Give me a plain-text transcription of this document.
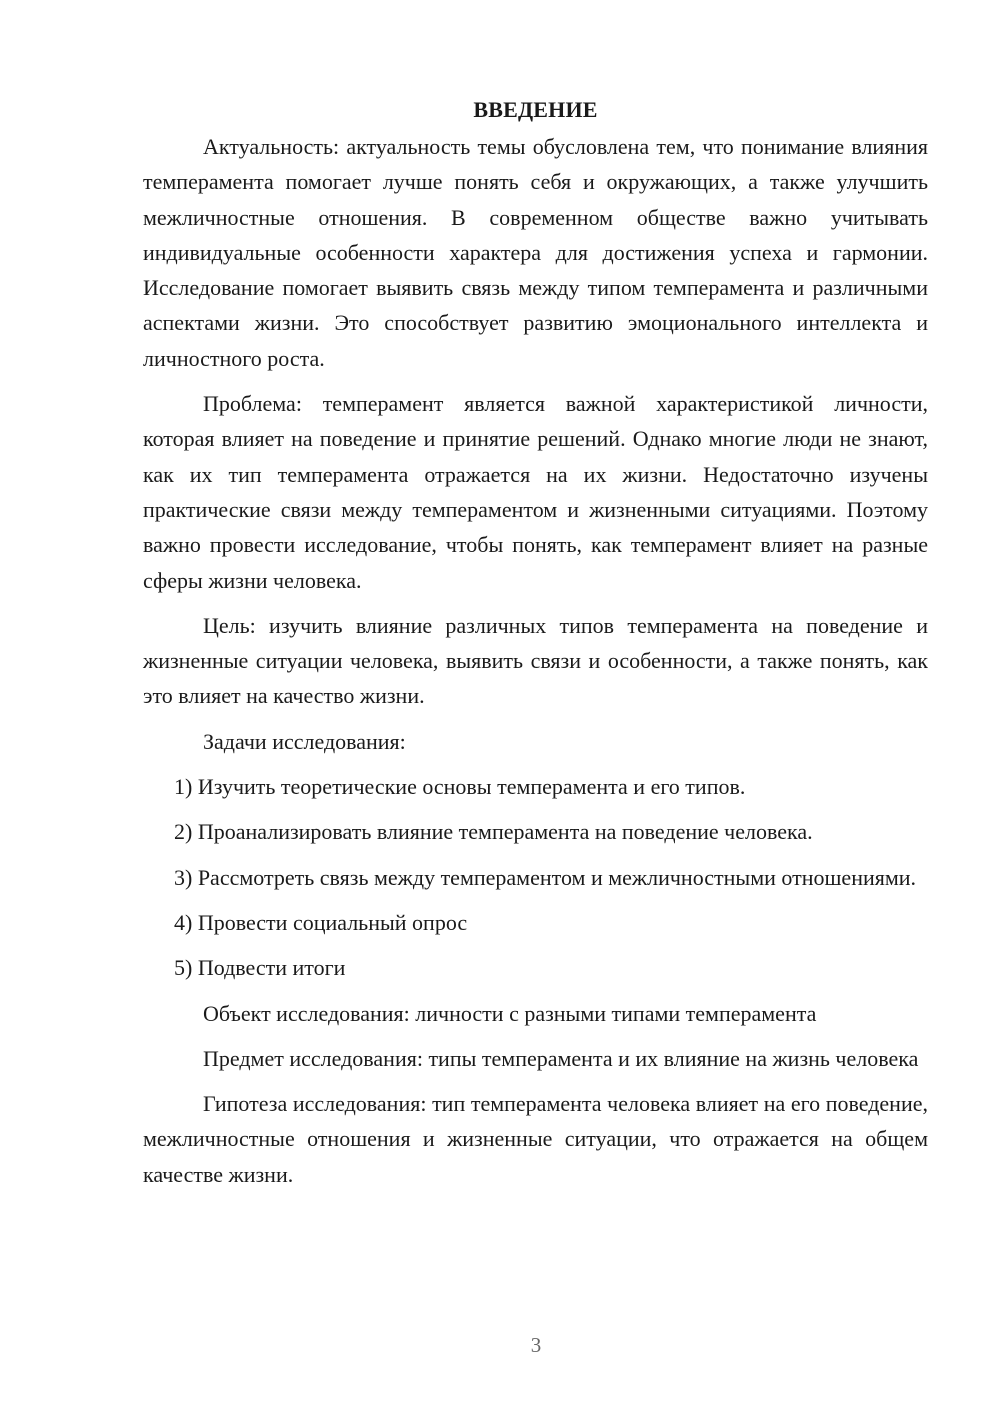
ВВЕДЕНИЕ

Актуальность: актуальность темы обусловлена тем, что понимание влияния темперамента помогает лучше понять себя и окружающих, а также улучшить межличностные отношения. В современном обществе важно учитывать индивидуальные особенности характера для достижения успеха и гармонии. Исследование помогает выявить связь между типом темперамента и различными аспектами жизни. Это способствует развитию эмоционального интеллекта и личностного роста.

Проблема: темперамент является важной характеристикой личности, которая влияет на поведение и принятие решений. Однако многие люди не знают, как их тип темперамента отражается на их жизни. Недостаточно изучены практические связи между темпераментом и жизненными ситуациями. Поэтому важно провести исследование, чтобы понять, как темперамент влияет на разные сферы жизни человека.

Цель: изучить влияние различных типов темперамента на поведение и жизненные ситуации человека, выявить связи и особенности, а также понять, как это влияет на качество жизни.

Задачи исследования:

1) Изучить теоретические основы темперамента и его типов.

2) Проанализировать влияние темперамента на поведение человека.

3) Рассмотреть связь между темпераментом и межличностными отношениями.

4) Провести социальный опрос

5) Подвести итоги

Объект исследования: личности с разными типами темперамента

Предмет исследования: типы темперамента и их влияние на жизнь человека

Гипотеза исследования: тип темперамента человека влияет на его поведение, межличностные отношения и жизненные ситуации, что отражается на общем качестве жизни.

3
